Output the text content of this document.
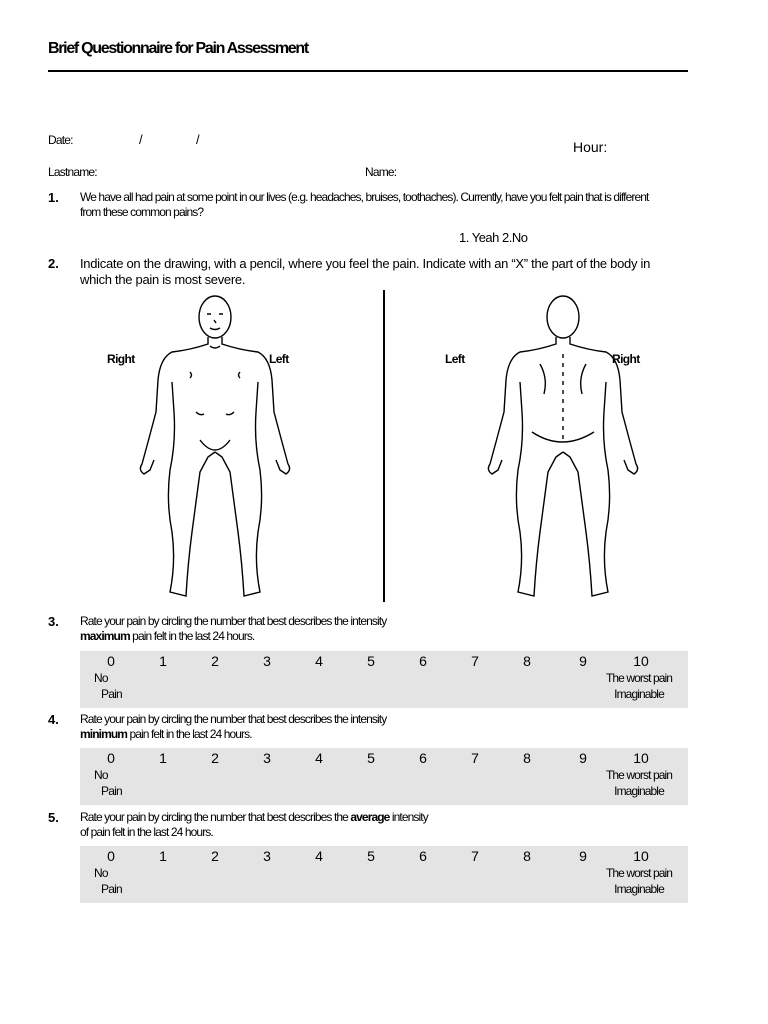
Brief Questionnaire for Pain Assessment
Date:	/	/	Hour:
Lastname:	Name:
1. We have all had pain at some point in our lives (e.g. headaches, bruises, toothaches). Currently, have you felt pain that is different from these common pains?
1. Yeah 2.No
2. Indicate on the drawing, with a pencil, where you feel the pain. Indicate with an “X” the part of the body in which the pain is most severe.
Right	Left	Left	Right
3. Rate your pain by circling the number that best describes the intensity
maximum pain felt in the last 24 hours.
0	1	2	3	4	5	6	7	8	9	10
No
Pain
The worst pain
Imaginable
4. Rate your pain by circling the number that best describes the intensity
minimum pain felt in the last 24 hours.
0	1	2	3	4	5	6	7	8	9	10
No
Pain
The worst pain
Imaginable
5. Rate your pain by circling the number that best describes the average intensity
of pain felt in the last 24 hours.
0	1	2	3	4	5	6	7	8	9	10
No
Pain
The worst pain
Imaginable
